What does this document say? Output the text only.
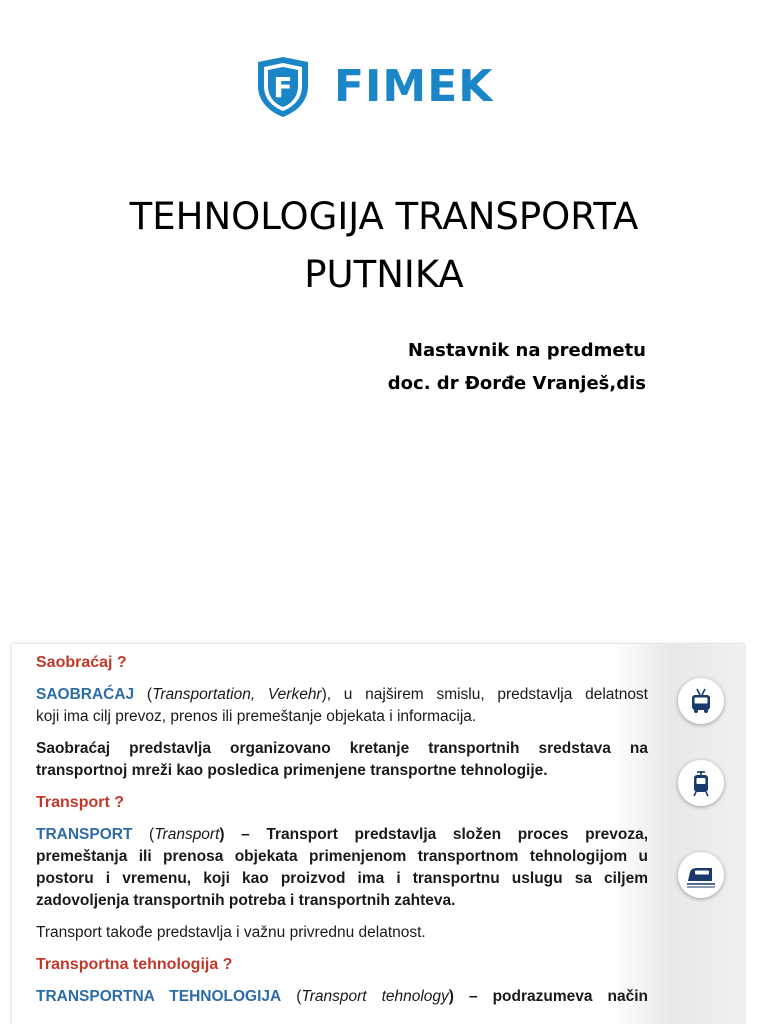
F FIMEK
TEHNOLOGIJA TRANSPORTA
PUTNIKA
Nastavnik na predmetu
doc. dr Đorđe Vranješ,dis
Saobraćaj ?
SAOBRAĆAJ (Transportation, Verkehr), u najširem smislu, predstavlja delatnost
koji ima cilj prevoz, prenos ili premeštanje objekata i informacija.
Saobraćaj predstavlja organizovano kretanje transportnih sredstava na
transportnoj mreži kao posledica primenjene transportne tehnologije.
Transport ?
TRANSPORT (Transport) – Transport predstavlja složen proces prevoza,
premeštanja ili prenosa objekata primenjenom transportnom tehnologijom u
postoru i vremenu, koji kao proizvod ima i transportnu uslugu sa ciljem
zadovoljenja transportnih potreba i transportnih zahteva.
Transport takođe predstavlja i važnu privrednu delatnost.
Transportna tehnologija ?
TRANSPORTNA TEHNOLOGIJA (Transport tehnology) – podrazumeva način
